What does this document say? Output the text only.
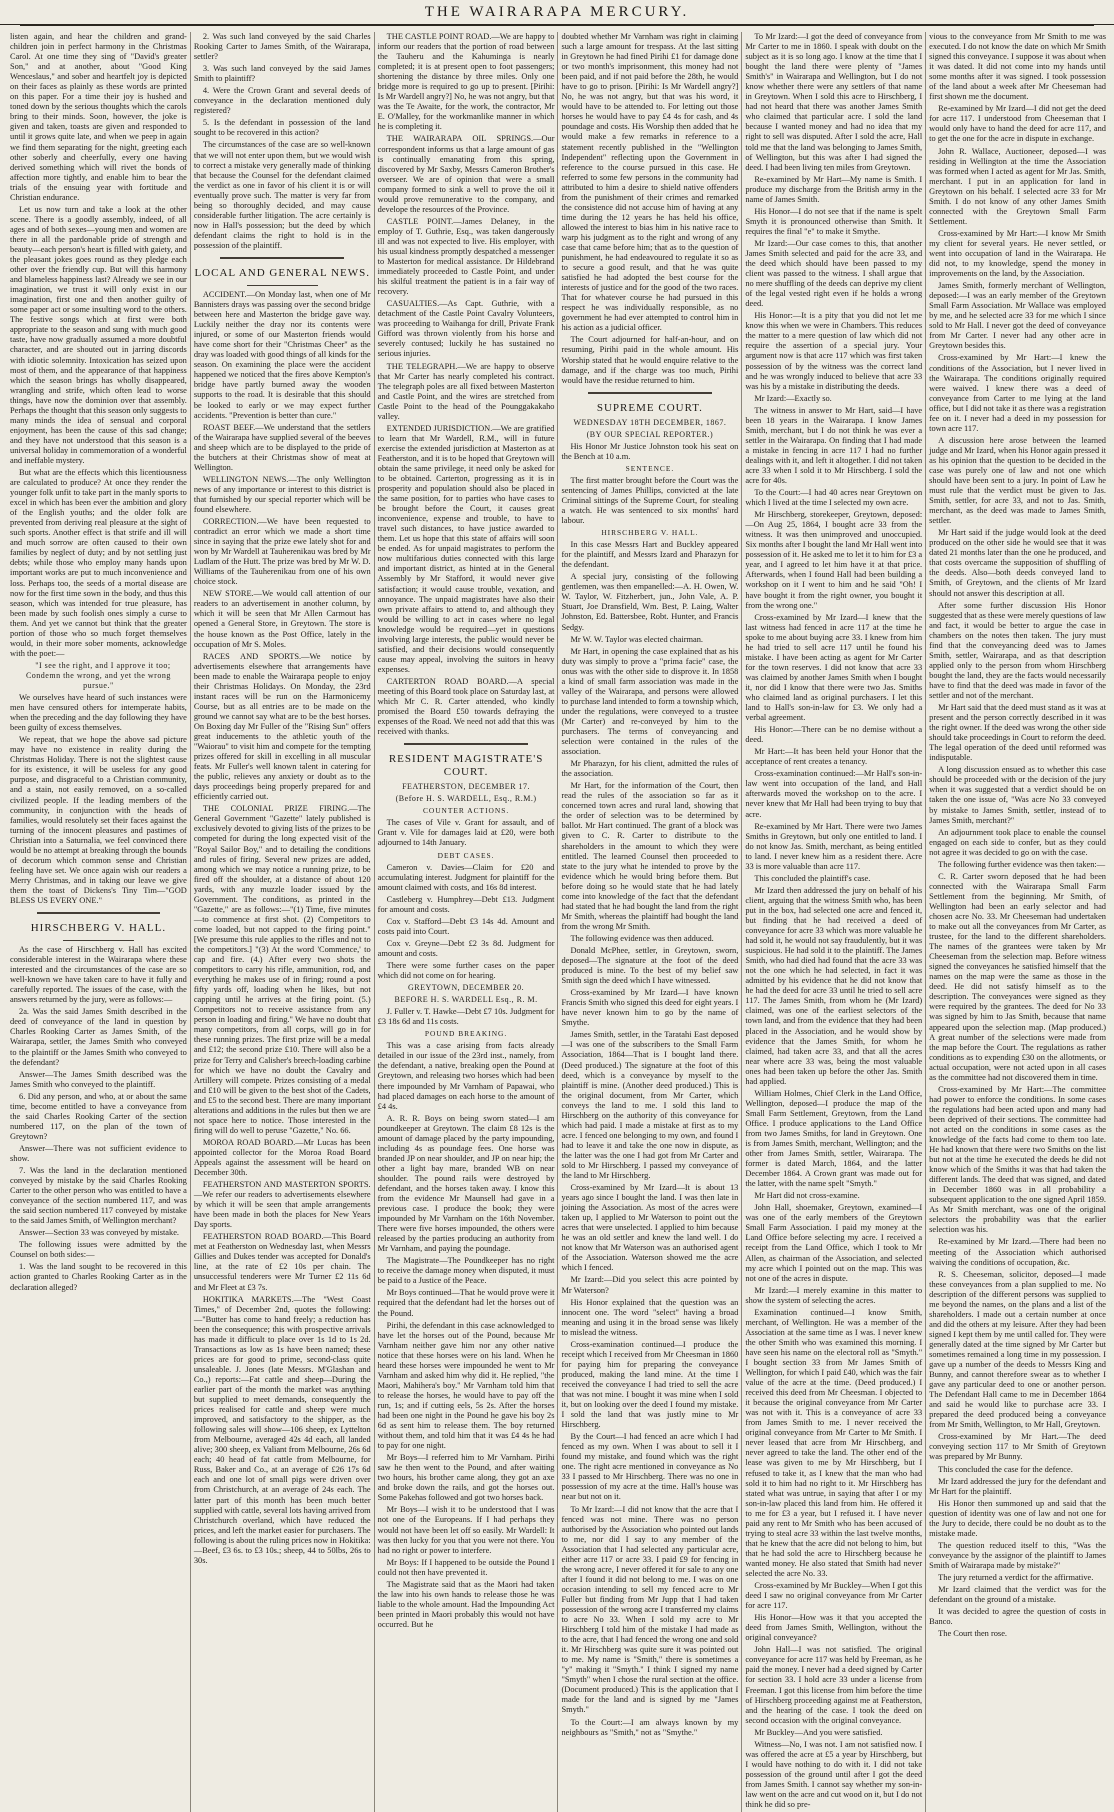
THE WAIRARAPA MERCURY.

listen again, and hear the children and grand-children join in perfect harmony in the Christmas Carol. At one time they sing of "David's greater Son," and at another, about "Good King Wenceslaus," and sober and heartfelt joy is depicted on their faces as plainly as these words are printed on this paper. For a time their joy is hushed and toned down by the serious thoughts which the carols bring to their minds. Soon, however, the joke is given and taken, toasts are given and responded to until it grows quite late, and when we peep in again we find them separating for the night, greeting each other soberly and cheerfully, every one having derived something which will rivet the bonds of affection more tightly, and enable him to bear the trials of the ensuing year with fortitude and Christian endurance.

Let us now turn and take a look at the other scene. There is a goodly assembly, indeed, of all ages and of both sexes—young men and women are there in all the pardonable pride of strength and beauty—each person's heart is filled with gaiety, and the pleasant jokes goes round as they pledge each other over the friendly cup. But will this harmony and blameless happiness last? Already we see in our imagination, we trust it will only exist in our imagination, first one and then another guilty of some paper act or some insulting word to the others. The festive songs which at first were both appropriate to the season and sung with much good taste, have now gradually assumed a more doubtful character, and are shouted out in jarring discords with idiotic solemnity. Intoxication has seized upon most of them, and the appearance of that happiness which the season brings has wholly disappeared, wrangling and strife, which often lead to worse things, have now the dominion over that assembly. Perhaps the thought that this season only suggests to many minds the idea of sensual and corporal enjoyment, has been the cause of this sad change; and they have not understood that this season is a universal holiday in commemoration of a wonderful and ineffable mystery.

But what are the effects which this licentiousness are calculated to produce? At once they render the younger folk unfit to take part in the manly sports to excel in which has been ever the ambition and glory of the English youths; and the older folk are prevented from deriving real pleasure at the sight of such sports. Another effect is that strife and ill will and much sorrow are often caused to their own families by neglect of duty; and by not settling just debts; while those who employ many hands upon important works are put to much inconvenience and loss. Perhaps too, the seeds of a mortal disease are now for the first time sown in the body, and thus this season, which was intended for true pleasure, has been made by such foolish ones simply a curse to them. And yet we cannot but think that the greater portion of those who so much forget themselves would, in their more sober moments, acknowledge with the poet:—

"I see the right, and I approve it too; Condemn the wrong, and yet the wrong pursue."

We ourselves have heard of such instances were men have censured others for intemperate habits, when the preceding and the day following they have been guilty of excess themselves.

We repeat, that we hope the above sad picture may have no existence in reality during the Christmas Holiday. There is not the slightest cause for its existence, it will be useless for any good purpose, and disgraceful to a Christian community, and a stain, not easily removed, on a so-called civilized people. If the leading members of the community, in conjunction with the heads of families, would resolutely set their faces against the turning of the innocent pleasures and pastimes of Christian into a Saturnalia, we feel convinced there would be no attempt at breaking through the bounds of decorum which common sense and Christian feeling have set. We once again wish our readers a Merry Christmas, and in taking our leave we give them the toast of Dickens's Tiny Tim—"GOD BLESS US EVERY ONE."

HIRSCHBERG V. HALL.

As the case of Hirschberg v. Hall has excited considerable interest in the Wairarapa where these interested and the circumstances of the case are so well-known we have taken care to have it fully and carefully reported. The issues of the case, with the answers returned by the jury, were as follows:—

2a. Was the said James Smith described in the deed of conveyance of the land in question by Charles Rooking Carter as James Smith, of the Wairarapa, settler, the James Smith who conveyed to the plaintiff or the James Smith who conveyed to the defendant?

Answer—The James Smith described was the James Smith who conveyed to the plaintiff.

6. Did any person, and who, at or about the same time, become entitled to have a conveyance from the said Charles Rooking Carter of the section numbered 117, on the plan of the town of Greytown?

Answer—There was not sufficient evidence to show.

7. Was the land in the declaration mentioned conveyed by mistake by the said Charles Rooking Carter to the other person who was entitled to have a conveyance of the section numbered 117, and was the said section numbered 117 conveyed by mistake to the said James Smith, of Wellington merchant?

Answer—Section 33 was conveyed by mistake.

The following issues were admitted by the Counsel on both sides:—

1. Was the land sought to be recovered in this action granted to Charles Rooking Carter as in the declaration alleged?

2. Was such land conveyed by the said Charles Rooking Carter to James Smith, of the Wairarapa, settler?

3. Was such land conveyed by the said James Smith to plaintiff?

4. Were the Crown Grant and several deeds of conveyance in the declaration mentioned duly registered?

5. Is the defendant in possession of the land sought to be recovered in this action?

The circumstances of the case are so well-known that we will not enter upon them, but we would wish to correct a mistake very generally made of thinking that because the Counsel for the defendant claimed the verdict as one in favor of his client it is or will eventually prove such. The matter is very far from being so thoroughly decided, and may cause considerable further litigation. The acre certainly is now in Hall's possession; but the deed by which defendant claims the right to hold is in the possession of the plaintiff.

LOCAL AND GENERAL NEWS.

ACCIDENT.—On Monday last, when one of Mr Bannisters drays was passing over the second bridge between here and Masterton the bridge gave way. Luckily neither the dray nor its contents were injured, or some of our Masterton friends would have come short for their "Christmas Cheer" as the dray was loaded with good things of all kinds for the season. On examining the place were the accident happened we noticed that the fires above Kempton's bridge have partly burned away the wooden supports to the road. It is desirable that this should be looked to early or we may expect further accidents. "Prevention is better than cure."

ROAST BEEF.—We understand that the settlers of the Wairarapa have supplied several of the beeves and sheep which are to be displayed to the pride of the butchers at their Christmas show of meat at Wellington.

WELLINGTON NEWS.—The only Wellington news of any importance or interest to this district is that furnished by our special reporter which will be found elsewhere.

CORRECTION.—We have been requested to contradict an error which we made a short time since in saying that the prize ewe lately shot for and won by Mr Wardell at Tauherenikau was bred by Mr Ludlam of the Hutt. The prize was bred by Mr W. D. Williams of the Tauherenikau from one of his own choice stock.

NEW STORE.—We would call attention of our readers to an advertisement in another column, by which it will be seen that Mr Allen Carmout has opened a General Store, in Greytown. The store is the house known as the Post Office, lately in the occupation of Mr S. Moles.

RACES AND SPORTS.—We notice by advertisements elsewhere that arrangements have been made to enable the Wairarapa people to enjoy their Christmas Holidays. On Monday, the 23rd instant races will be run on the Harmonicemy Course, but as all entries are to be made on the ground we cannot say what are to be the best horses. On Boxing day Mr Fuller of the "Rising Sun" offers great inducements to the athletic youth of the "Waiorau" to visit him and compete for the tempting prizes offered for skill in excelling in all muscular feats. Mr Fuller's well known talent in catering for the public, relieves any anxiety or doubt as to the days proceedings being properly prepared for and efficiently carried out.

THE COLONIAL PRIZE FIRING.—The General Government "Gazette" lately published is exclusively devoted to giving lists of the prizes to be competed for during the long expected visit of the "Royal Sailor Boy," and to detailing the conditions and rules of firing. Several new prizes are added, among which we may notice a running prize, to be fired off the shoulder, at a distance of about 120 yards, with any muzzle loader issued by the Government. The conditions, as printed in the "Gazette," are as follows:—"(1) Time, five minutes—to commence at first shot. (2) Competitors to come loaded, but not capped to the firing point." [We presume this rule applies to the rifles and not to the competitors.] "(3) At the word 'Commence,' to cap and fire. (4.) After every two shots the competitors to carry his rifle, ammunition, rod, and everything he makes use of in firing; round a post fifty yards off, loading when he likes, but not capping until he arrives at the firing point. (5.) Competitors not to receive assistance from any person in loading and firing." We have no doubt that many competitors, from all corps, will go in for these running prizes. The first prize will be a medal and £12; the second prize £10. There will also be a prize for Terry and Calisher's breech-loading carbine for which we have no doubt the Cavalry and Artillery will compete. Prizes consisting of a medal and £10 will be given to the best shot of the Cadets, and £5 to the second best. There are many important alterations and additions in the rules but then we are not space here to notice. Those interested in the firing will do well to peruse "Gazette," No. 66.

MOROA ROAD BOARD.—Mr Lucas has been appointed collector for the Moroa Road Board Appeals against the assessment will be heard on December 30th.

FEATHERSTON AND MASTERTON SPORTS.—We refer our readers to advertisements elsewhere by which it will be seen that ample arrangements have been made in both the places for New Years Day sports.

FEATHERSTON ROAD BOARD.—This Board met at Featherston on Wednesday last, when Messrs Gillies and Dukes tender was accepted for Donald's line, at the rate of £2 10s per chain. The unsuccessful tenderers were Mr Turner £2 11s 6d and Mr Fleet at £3 7s.

HOKITIKA MARKETS.—The "West Coast Times," of December 2nd, quotes the following:—"Butter has come to hand freely; a reduction has been the consequence; this with prospective arrivals has made it difficult to place over 1s 1d to 1s 2d. Transactions as low as 1s have been named; these prices are for good to prime, second-class quite unsaleable. J. Jones (late Messrs. M'Glashan and Co.,) reports:—Fat cattle and sheep—During the earlier part of the month the market was anything but supplied to meet demands, consequently the prices realised for cattle and sheep were much improved, and satisfactory to the shipper, as the following sales will show—106 sheep, ex Lyttelton from Melbourne, averaged 42s 4d each, all landed alive; 300 sheep, ex Valiant from Melbourne, 26s 6d each; 40 head of fat cattle from Melbourne, for Russ, Baker and Co., at an average of £26 17s 6d each and one lot of small pigs were driven over from Christchurch, at an average of 24s each. The latter part of this month has been much better supplied with cattle, several lots having arrived from Christchurch overland, which have reduced the prices, and left the market easier for purchasers. The following is about the ruling prices now in Hokitika:—Beef, £3 6s. to £3 10s.; sheep, 44 to 50lbs, 26s to 30s.

THE CASTLE POINT ROAD.—We are happy to inform our readers that the portion of road between the Tauheru and the Kahuminga is nearly completed; it is at present open to foot passengers; shortening the distance by three miles. Only one bridge more is required to go up to present. [Pirihi: Is Mr Wardell angry?] No, he was not angry, but that was the Te Awaite, for the work, the contractor, Mr E. O'Malley, for the workmanlike manner in which he is completing it.

THE WAIRARAPA OIL SPRINGS.—Our correspondent informs us that a large amount of gas is continually emanating from this spring, discovered by Mr Saxby, Messrs Cameron Brother's overseer. We are of opinion that were a small company formed to sink a well to prove the oil it would prove remunerative to the company, and develope the resources of the Province.

CASTLE POINT.—James Delaney, in the employ of T. Guthrie, Esq., was taken dangerously ill and was not expected to live. His employer, with his usual kindness promptly despatched a messenger to Masterton for medical assistance. Dr Hildebrand immediately proceeded to Castle Point, and under his skilful treatment the patient is in a fair way of recovery.

CASUALTIES.—As Capt. Guthrie, with a detachment of the Castle Point Cavalry Volunteers, was proceeding to Waihanga for drill, Private Frank Gifford was thrown violently from his horse and severely contused; luckily he has sustained no serious injuries.

THE TELEGRAPH.—We are happy to observe that Mr Carter has nearly completed his contract. The telegraph poles are all fixed between Masterton and Castle Point, and the wires are stretched from Castle Point to the head of the Pounggakakaho valley.

EXTENDED JURISDICTION.—We are gratified to learn that Mr Wardell, R.M., will in future exercise the extended jurisdiction at Masterton as at Featherston, and it is to be hoped that Greytown will obtain the same privilege, it need only be asked for to be obtained. Carterton, progressing as it is in prosperity and population should also be placed in the same position, for to parties who have cases to be brought before the Court, it causes great inconvenience, expense and trouble, to have to travel such distances, to have justice awarded to them. Let us hope that this state of affairs will soon be ended. As for unpaid magistrates to perform the now multifarious duties connected with this large and important district, as hinted at in the General Assembly by Mr Stafford, it would never give satisfaction; it would cause trouble, vexation, and annoyance. The unpaid magistrates have also their own private affairs to attend to, and although they would be willing to act in cases where no legal knowledge would be required—yet in questions involving large interests, the public would never be satisfied, and their decisions would consequently cause may appeal, involving the suitors in heavy expenses.

CARTERTON ROAD BOARD.—A special meeting of this Board took place on Saturday last, at which Mr C. R. Carter attended, who kindly promised the Board £50 towards defraying the expenses of the Road. We need not add that this was received with thanks.

RESIDENT MAGISTRATE'S COURT.
FEATHERSTON, DECEMBER 17.
(Before H. S. WARDELL, Esq., R.M.)
COUNTER ACTIONS.

The cases of Vile v. Grant for assault, and of Grant v. Vile for damages laid at £20, were both adjourned to 14th January.

DEBT CASES.

Cameron v. Davies—Claim for £20 and accumulating interest. Judgment for plaintiff for the amount claimed with costs, and 16s 8d interest.

Castleberg v. Humphrey—Debt £13. Judgment for amount and costs.

Cox v. Stafford—Debt £3 14s 4d. Amount and costs paid into Court.

Cox v. Greyne—Debt £2 3s 8d. Judgment for amount and costs.

There were some further cases on the paper which did not come on for hearing.

GREYTOWN, DECEMBER 20.
BEFORE H. S. WARDELL Esq., R. M.

J. Fuller v. T. Hawke—Debt £7 10s. Judgment for £3 18s 6d and 11s costs.

POUND BREAKING.

This was a case arising from facts already detailed in our issue of the 23rd inst., namely, from the defendant, a native, breaking open the Pound at Greytown, and releasing two horses which had been there impounded by Mr Varnham of Papawai, who had placed damages on each horse to the amount of £4 4s.

A. R. R. Boys on being sworn stated—I am poundkeeper at Greytown. The claim £8 12s is the amount of damage placed by the party impounding, including 4s as poundage fees. One horse was branded JP on near shoulder, and JP on near hip; the other a light bay mare, branded WB on near shoulder. The pound rails were destroyed by defendant, and the horses taken away. I know this from the evidence Mr Maunsell had gave in a previous case. I produce the book; they were impounded by Mr Varnham on the 16th November. There were five horses impounded, the others were released by the parties producing an authority from Mr Varnham, and paying the poundage.

The Magistrate—The Poundkeeper has no right to receive the damage money when disputed, it must be paid to a Justice of the Peace.

Mr Boys continued—That he would prove were it required that the defendant had let the horses out of the Pound.

Pirihi, the defendant in this case acknowledged to have let the horses out of the Pound, because Mr Varnham neither gave him nor any other native notice that these horses were on his land. When he heard these horses were impounded he went to Mr Varnham and asked him why did it. He replied, "the Maori, Mahihera's boy." Mr Varnham told him that to release the horses, he would have to pay off the run, 1s; and if cutting eels, 5s 2s. After the horses had been one night in the Pound he gave his boy 2s 6d as sent him to release them. The boy returned without them, and told him that it was £4 4s he had to pay for one night.

Mr Boys—I referred him to Mr Varnham. Pirihi saw he then went to the Pound, and after waiting two hours, his brother came along, they got an axe and broke down the rails, and got the horses out. Some Pakehas followed and got two horses back.

Mr Boys—I wish it to be understood that I was not one of the Europeans. If I had perhaps they would not have been let off so easily. Mr Wardell: It was then lucky for you that you were not there. You had no right or power to interfere.

Mr Boys: If I happened to be outside the Pound I could not then have prevented it.

The Magistrate said that as the Maori had taken the law into his own hands to release those he was liable to the whole amount. Had the Impounding Act been printed in Maori probably this would not have occurred. But he

doubted whether Mr Varnham was right in claiming such a large amount for trespass. At the last sitting in Greytown he had fined Pirihi £1 for damage done or two month's imprisonment, this money had not been paid, and if not paid before the 28th, he would have to go to prison. [Pirihi: Is Mr Wardell angry?] No, he was not angry, but that was his word, it would have to be attended to. For letting out those horses he would have to pay £4 4s for cash, and 4s poundage and costs. His Worship then added that he would make a few remarks in reference to a statement recently published in the "Wellington Independent" reflecting upon the Government in reference to the course pursued in this case. He referred to some few persons in the community had attributed to him a desire to shield native offenders from the punishment of their crimes and remarked the consistence did not accuse him of having at any time during the 12 years he has held his office, allowed the interest to bias him in his native race to warp his judgment as to the right and wrong of any case that came before him; that as to the question of punishment, he had endeavoured to regulate it so as to secure a good result, and that he was quite satisfied he had adopted the best course for the interests of justice and for the good of the two races. That for whatever course he had pursued in this respect he was individually responsible, as no government he had ever attempted to control him in his action as a judicial officer.

The Court adjourned for half-an-hour, and on resuming, Pirihi paid in the whole amount. His Worship stated that he would enquire relative to the damage, and if the charge was too much, Pirihi would have the residue returned to him.

SUPREME COURT.
WEDNESDAY 18TH DECEMBER, 1867.
(BY OUR SPECIAL REPORTER.)

His Honor Mr Justice Johnston took his seat on the Bench at 10 a.m.

SENTENCE.

The first matter brought before the Court was the sentencing of James Phillips, convicted at the late Criminal sittings of the Supreme Court, for stealing a watch. He was sentenced to six months' hard labour.

HIRSCHBERG V. HALL.

In this case Messrs Hart and Buckley appeared for the plaintiff, and Messrs Izard and Pharazyn for the defendant.

A special jury, consisting of the following gentlemen, was then empanelled:—A. H. Owen, W. W. Taylor, W. Fitzherbert, jun., John Vale, A. P. Stuart, Joe Dransfield, Wm. Best, P. Laing, Walter Johnston, Ed. Battersbee, Robt. Hunter, and Francis Sedgy.

Mr W. W. Taylor was elected chairman.

Mr Hart, in opening the case explained that as his duty was simply to prove a "prima facie" case, the onus was with the other side to disprove it. In 1858 a kind of small farm association was made in the valley of the Wairarapa, and persons were allowed to purchase land intended to form a township which, under the regulations, were conveyed to a trustee (Mr Carter) and re-conveyed by him to the purchasers. The terms of conveyancing and selection were contained in the rules of the association.

Mr Pharazyn, for his client, admitted the rules of the association.

Mr Hart, for the information of the Court, then read the rules of the association so far as it concerned town acres and rural land, showing that the order of selection was to be determined by ballot. Mr Hart continued. The grant of a block was given to C. R. Carter to distribute to the shareholders in the amount to which they were entitled. The learned Counsel then proceeded to state to the jury what he intended to prove by the evidence which he would bring before them. But before doing so he would state that he had lately come into knowledge of the fact that the defendant had stated that he had bought the land from the right Mr Smith, whereas the plaintiff had bought the land from the wrong Mr Smith.

The following evidence was then adduced.

Donald McPhee, settler, in Greytown, sworn, deposed—The signature at the foot of the deed produced is mine. To the best of my belief saw Smith sign the deed which I have witnessed.

Cross-examined by Mr Izard—I have known Francis Smith who signed this deed for eight years. I have never known him to go by the name of Smythe.

James Smith, settler, in the Taratahi East deposed—I was one of the subscribers to the Small Farm Association, 1864—That is I bought land there. (Deed produced.) The signature at the foot of this deed, which is a conveyance by myself to the plaintiff is mine. (Another deed produced.) This is the original document, from Mr Carter, which conveys the land to me. I sold this land to Hirschberg on the authority of this conveyance for which had paid. I made a mistake at first as to my acre. I fenced one belonging to my own, and found I had to leave it and take the one now in dispute, as the latter was the one I had got from Mr Carter and sold to Mr Hirschberg. I passed my conveyance of the land to Mr Hirschberg.

Cross-examined by Mr Izard—It is about 13 years ago since I bought the land. I was then late in joining the Association. As most of the acres were taken up, I applied to Mr Waterson to point out the acres that were unselected. I applied to him because he was an old settler and knew the land well. I do not know that Mr Waterson was an authorised agent of the Association. Waterson showed me the acre which I fenced.

Mr Izard:—Did you select this acre pointed by Mr Waterson?

His Honor explained that the question was an innocent one. The word "select" having a broad meaning and using it in the broad sense was likely to mislead the witness.

Cross-examination continued—I produce the receipt which I received from Mr Cheesman in 1860 for paying him for preparing the conveyance produced, making the land mine. At the time I received the conveyance I had tried to sell the acre that was not mine. I bought it was mine when I sold it, but on looking over the deed I found my mistake. I sold the land that was justly mine to Mr Hirschberg.

By the Court—I had fenced an acre which I had fenced as my own. When I was about to sell it I found my mistake, and found which was the right one. The right acre mentioned in conveyance as No 33 I passed to Mr Hirschberg. There was no one in possession of my acre at the time. Hall's house was near but not on it.

To Mr Izard:—I did not know that the acre that I fenced was not mine. There was no person authorised by the Association who pointed out lands to me, nor did I say to any member of the Association that I had selected any particular acre, either acre 117 or acre 33. I paid £9 for fencing in the wrong acre, I never offered it for sale to any one after I found it did not belong to me. I was on one occasion intending to sell my fenced acre to Mr Fuller but finding from Mr Jupp that I had taken possession of the wrong acre I transferred my claims to acre No 33. When I sold my acre to Mr Hirschberg I told him of the mistake I had made as to the acre, that I had fenced the wrong one and sold it. Mr Hirschberg was quite sure it was pointed out to me. My name is "Smith," there is sometimes a "y" making it "Smyth." I think I signed my name "Smyth" when I chose the rural section at the office. (Document produced.) This is the application that I made for the land and is signed by me "James Smyth."

To the Court:—I am always known by my neighbours as "Smith," not as "Smythe."

To Mr Izard:—I got the deed of conveyance from Mr Carter to me in 1860. I speak with doubt on the subject as it is so long ago. I know at the time that I bought the land there were plenty of "James Smith's" in Wairarapa and Wellington, but I do not know whether there were any settlers of that name in Greytown. When I sold this acre to Hirschberg, I had not heard that there was another James Smith who claimed that particular acre. I sold the land because I wanted money and had no idea that my right to sell was disputed. After I sold the acre, Hall told me that the land was belonging to James Smith, of Wellington, but this was after I had signed the deed. I had been living ten miles from Greytown.

Re-examined by Mr Hart—My name is Smith. I produce my discharge from the British army in the name of James Smith.

His Honor—I do not see that if the name is spelt Smyth it is pronounced otherwise than Smith. It requires the final "e" to make it Smythe.

Mr Izard:—Our case comes to this, that another James Smith selected and paid for the acre 33, and the deed which should have been passed to my client was passed to the witness. I shall argue that no mere shuffling of the deeds can deprive my client of the legal vested right even if he holds a wrong deed.

His Honor:—It is a pity that you did not let me know this when we were in Chambers. This reduces the matter to a mere question of law which did not require the assertion of a special jury. Your argument now is that acre 117 which was first taken possession of by the witness was the correct land and he was wrongly induced to believe that acre 33 was his by a mistake in distributing the deeds.

Mr Izard:—Exactly so.

The witness in answer to Mr Hart, said—I have been 18 years in the Wairarapa. I know James Smith, merchant, but I do not think he was ever a settler in the Wairarapa. On finding that I had made a mistake in fencing in acre 117 I had no further dealings with it, and left it altogether. I did not taken acre 33 when I sold it to Mr Hirschberg. I sold the acre for 40s.

To the Court:—I had 40 acres near Greytown on which I lived at the time I selected my own acre.

Mr Hirschberg, storekeeper, Greytown, deposed:—On Aug 25, 1864, I bought acre 33 from the witness. It was then unimproved and unoccupied. Six months after I bought the land Mr Hall went into possession of it. He asked me to let it to him for £3 a year, and I agreed to let him have it at that price. Afterwards, when I found Hall had been building a workshop on it I went to him and he said "Oh! I have bought it from the right owner, you bought it from the wrong one."

Cross-examined by Mr Izard—I knew that the last witness had fenced in acre 117 at the time he spoke to me about buying acre 33. I knew from him he had tried to sell acre 117 until he found his mistake. I have been acting as agent for Mr Carter for the town reserves. I did not know that acre 33 was claimed by another James Smith when I bought it, nor did I know that there were two Jas. Smiths who claimed land as original purchasers. I let this land to Hall's son-in-law for £3. We only had a verbal agreement.

His Honor:—There can be no demise without a deed.

Mr Hart:—It has been held your Honor that the acceptance of rent creates a tenancy.

Cross-examination continued:—Mr Hall's son-in-law went into occupation of the land, and Hall afterwards moved the workshop on to the acre. I never knew that Mr Hall had been trying to buy that acre.

Re-examined by Mr Hart. There were two James Smiths in Greytown, but only one entitled to land. I do not know Jas. Smith, merchant, as being entitled to land. I never knew him as a resident there. Acre 33 is more valuable than acre 117.

This concluded the plaintiff's case.

Mr Izard then addressed the jury on behalf of his client, arguing that the witness Smith who, has been put in the box, had selected one acre and fenced it, but finding that he had received a deed of conveyance for acre 33 which was more valuable he had sold it, he would not say fraudulently, but it was suspicious. He had sold it to the plaintiff. The James Smith, who had died had found that the acre 33 was not the one which he had selected, in fact it was admitted by his evidence that he did not know that he had the deed for acre 33 until he tried to sell acre 117. The James Smith, from whom he (Mr Izard) claimed, was one of the earliest selectors of the town land, and from the evidence that they had been placed in the Association, and he would show by evidence that the James Smith, for whom he claimed, had taken acre 33, and that all the acres near where acre 33 was, being the most valuable ones had been taken up before the other Jas. Smith had applied.

William Holmes, Chief Clerk in the Land Office, Wellington, deposed—I produce the map of the Small Farm Settlement, Greytown, from the Land Office. I produce applications to the Land Office from two James Smiths, for land in Greytown. One is from James Smith, merchant, Wellington; and the other from James Smith, settler, Wairarapa. The former is dated March, 1864, and the latter December 1864. A Crown grant was made out for the latter, with the name spelt "Smyth."

Mr Hart did not cross-examine.

John Hall, shoemaker, Greytown, examined—I was one of the early members of the Greytown Small Farm Association. I paid my money at the Land Office before selecting my acre. I received a receipt from the Land Office, which I took to Mr Allen, as chairman of the Association, and selected my acre which I pointed out on the map. This was not one of the acres in dispute.

Mr Izard:—I merely examine in this matter to show the system of selecting the acres.

Examination continued—I know Smith, merchant, of Wellington. He was a member of the Association at the same time as I was. I never knew the other Smith who was examined this morning. I have seen his name on the electoral roll as "Smyth." I bought section 33 from Mr James Smith of Wellington, for which I paid £40, which was the fair value of the acre at the time. (Deed produced.) I received this deed from Mr Cheesman. I objected to it because the original conveyance from Mr Carter was not with it. This is a conveyance of acre 33 from James Smith to me. I never received the original conveyance from Mr Carter to Mr Smith. I never leased that acre from Mr Hirschberg, and never agreed to take the land. The other end of the lease was given to me by Mr Hirschberg, but I refused to take it, as I knew that the man who had sold it to him had no right to it. Mr Hirschberg has stated what was untrue, in saying that after I or my son-in-law placed this land from him. He offered it to me for £3 a year, but I refused it. I have never paid any rent to Mr Smith who has been accused of trying to steal acre 33 within the last twelve months, that he knew that the acre did not belong to him, but that he had sold the acre to Hirschberg because he wanted money. He also stated that Smith had never selected the acre No. 33.

Cross-examined by Mr Buckley—When I got this deed I saw no original conveyance from Mr Carter for acre 117.

His Honor—How was it that you accepted the deed from James Smith, Wellington, without the original conveyance?

John Hall—I was not satisfied. The original conveyance for acre 117 was held by Freeman, as he paid the money. I never had a deed signed by Carter for section 33. I hold acre 33 under a license from Freeman. I got this license from him before the time of Hirschberg proceeding against me at Featherston, and the hearing of the case. I took the deed on second occasion with the original conveyance.

Mr Buckley—And you were satisfied.

Witness—No, I was not. I am not satisfied now. I was offered the acre at £5 a year by Hirschberg, but I would have nothing to do with it. I did not take possession of the ground until after I got the deed from James Smith. I cannot say whether my son-in-law went on the acre and cut wood on it, but I do not think he did so pre-

vious to the conveyance from Mr Smith to me was executed. I do not know the date on which Mr Smith signed this conveyance. I suppose it was about when it was dated. It did not come into my hands until some months after it was signed. I took possession of the land about a week after Mr Cheeseman had first shown me the document.

Re-examined by Mr Izard—I did not get the deed for acre 117. I understood from Cheeseman that I would only have to hand the deed for acre 117, and to get the one for the acre in dispute in exchange.

John R. Wallace, Auctioneer, deposed—I was residing in Wellington at the time the Association was formed when I acted as agent for Mr Jas. Smith, merchant. I put in an application for land in Greytown on his behalf. I selected acre 33 for Mr Smith. I do not know of any other James Smith connected with the Greytown Small Farm Settlement.

Cross-examined by Mr Hart:—I know Mr Smith my client for several years. He never settled, or went into occupation of land in the Wairarapa. He did not, to my knowledge, spend the money in improvements on the land, by the Association.

James Smith, formerly merchant of Wellington, deposed:—I was an early member of the Greytown Small Farm Association. Mr Wallace was employed by me, and he selected acre 33 for me which I since sold to Mr Hall. I never got the deed of conveyance from Mr Carter. I never had any other acre in Greytown besides this.

Cross-examined by Mr Hart:—I knew the conditions of the Association, but I never lived in the Wairarapa. The conditions originally required were waived. I knew there was a deed of conveyance from Carter to me lying at the land office, but I did not take it as there was a registration fee on it. I never had a deed in my possession for town acre 117.

A discussion here arose between the learned judge and Mr Izard, when his Honor again pressed it as his opinion that the question to be decided in the case was purely one of law and not one which should have been sent to a jury. In point of Law he must rule that the verdict must be given to Jas. Smith, settler, for acre 33, and not to Jas. Smith, merchant, as the deed was made to James Smith, settler.

Mr Hart said if the judge would look at the deed produced on the other side he would see that it was dated 21 months later than the one he produced, and that costs overcame the supposition of shuffling of the deeds. Also—both deeds conveyed land to Smith, of Greytown, and the clients of Mr Izard should not answer this description at all.

After some further discussion His Honor suggested that as these were merely questions of law and fact, it would be better to argue the case in chambers on the notes then taken. The jury must find that the conveyancing deed was to James Smith, settler, Wairarapa, and as that description applied only to the person from whom Hirschberg bought the land, they are the facts would necessarily have to find that the deed was made in favor of the settler and not of the merchant.

Mr Hart said that the deed must stand as it was at present and the person correctly described in it was the right owner. If the deed was wrong the other side should take proceedings in Court to reform the deed. The legal operation of the deed until reformed was indisputable.

A long discussion ensued as to whether this case should be proceeded with or the decision of the jury when it was suggested that a verdict should be on taken the one issue of, "Was acre No 33 conveyed by mistake to James Smith, settler, instead of to James Smith, merchant?"

An adjournment took place to enable the counsel engaged on each side to confer, but as they could not agree it was decided to go on with the case.

The following further evidence was then taken:—

C. R. Carter sworn deposed that he had been connected with the Wairarapa Small Farm Settlement from the beginning. Mr Smith, of Wellington had been an early selector and had chosen acre No. 33. Mr Cheeseman had undertaken to make out all the conveyances from Mr Carter, as trustee, for the land to the different shareholders. The names of the grantees were taken by Mr Cheeseman from the selection map. Before witness signed the conveyances he satisfied himself that the names on the map were the same as those in the deed. He did not satisfy himself as to the description. The conveyances were signed as they were required by the grantees. The deed for No 33 was signed by him to Jas Smith, because that name appeared upon the selection map. (Map produced.) A great number of the selections were made from the map before the Court. The regulations as rather conditions as to expending £30 on the allotments, or actual occupation, were not acted upon in all cases as the committee had not discovered them in time.

Cross-examined by Mr Hart:—The committee had power to enforce the conditions. In some cases the regulations had been acted upon and many had been deprived of their sections. The committee had not acted on the conditions in some cases as the knowledge of the facts had come to them too late. He had known that there were two Smiths on the list but not at the time he executed the deeds he did not know which of the Smiths it was that had taken the different lands. The deed that was signed, and dated in December 1860 was in all probability a subsequent application to the one signed April 1859. As Mr Smith merchant, was one of the original selectors the probability was that the earlier selection was his.

Re-examined by Mr Izard.—There had been no meeting of the Association which authorised waiving the conditions of occupation, &c.

R. S. Cheeseman, solicitor, deposed—I made these conveyances from a plan supplied to me. No description of the different persons was supplied to me beyond the names, on the plans and a list of the shareholders. I made out a certain number at once and did the others at my leisure. After they had been signed I kept them by me until called for. They were generally dated at the time signed by Mr Carter but sometimes remained a long time in my possession. I gave up a number of the deeds to Messrs King and Bunny, and cannot therefore swear as to whether I gave any particular deed to one or another person. The Defendant Hall came to me in December 1864 and said he would like to purchase acre 33. I prepared the deed produced being a conveyance from Mr Smith, Wellington, to Mr Hall, Greytown.

Cross-examined by Mr Hart.—The deed conveying section 117 to Mr Smith of Greytown was prepared by Mr Bunny.

This concluded the case for the defence.

Mr Izard addressed the jury for the defendant and Mr Hart for the plaintiff.

His Honor then summoned up and said that the question of identity was one of law and not one for the Jury to decide, there could be no doubt as to the mistake made.

The question reduced itself to this, "Was the conveyance by the assignor of the plaintiff to James Smith of Wairarapa made by mistake?"

The jury returned a verdict for the affirmative.

Mr Izard claimed that the verdict was for the defendant on the ground of a mistake.

It was decided to agree the question of costs in Banco.

The Court then rose.
